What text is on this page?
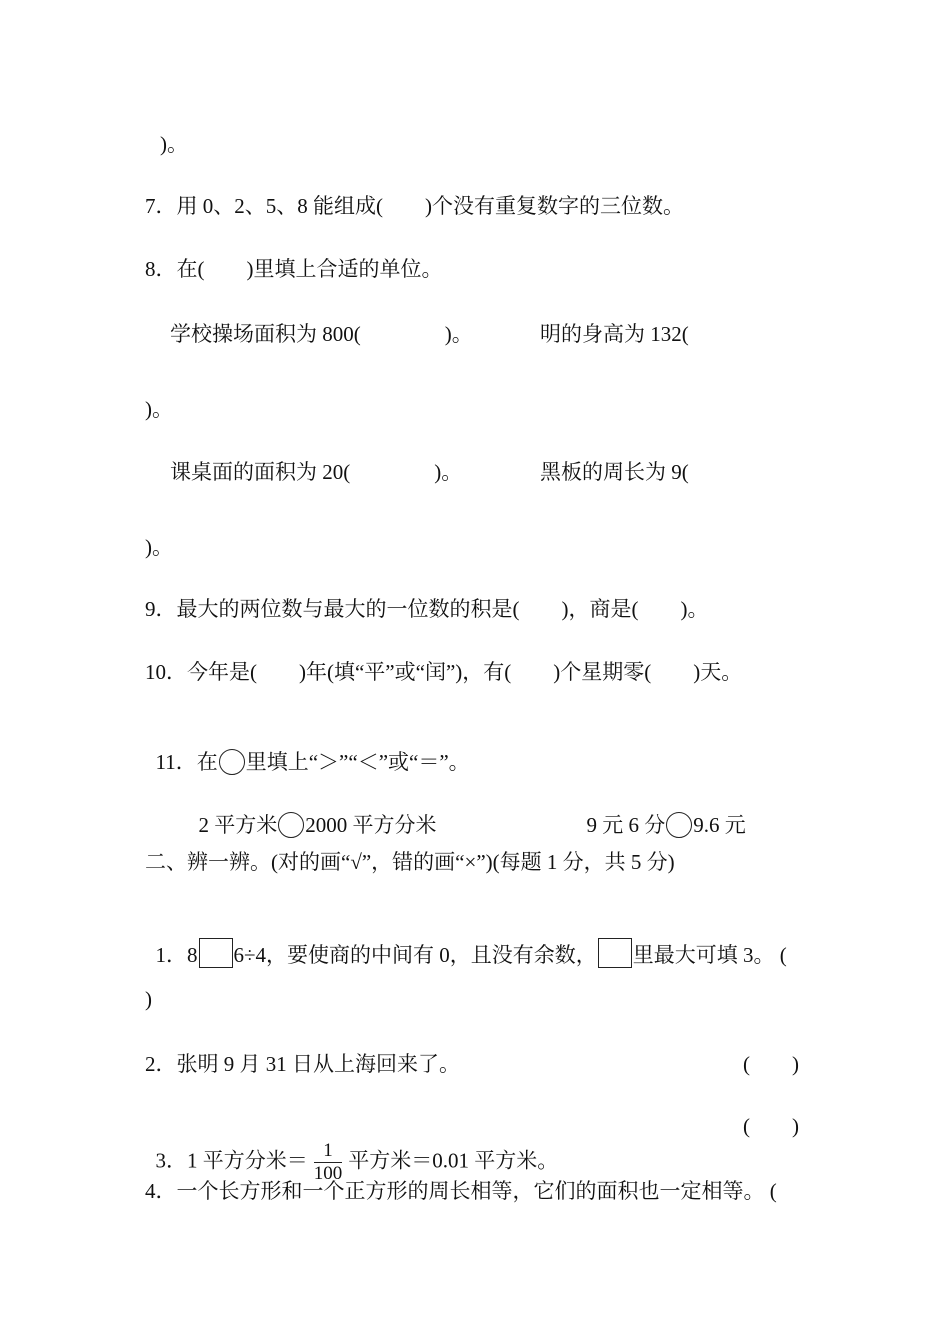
)。
7．用 0、2、5、8 能组成(　　)个没有重复数字的三位数。
8．在(　　)里填上合适的单位。
学校操场面积为 800(　　　　)。	明的身高为 132(
)。
课桌面的面积为 20(　　　　)。	黑板的周长为 9(
)。
9．最大的两位数与最大的一位数的积是(　　)，商是(　　)。
10．今年是(　　)年(填“平”或“闰”)，有(　　)个星期零(　　)天。

11．在 里填上“＞”“＜”或“＝”。

2 平方米 2000 平方分米	9 元 6 分 9.6 元

二、辨一辨。(对的画“√”，错的画“×”)(每题 1 分，共 5 分)

1．8 6÷4，要使商的中间有 0，且没有余数， 里最大可填 3。 (

)
2．张明 9 月 31 日从上海回来了。	(　　)

3．1 平方分米＝ $\frac{1}{100}$ 平方米＝0.01 平方米。

(　　)
4．一个长方形和一个正方形的周长相等，它们的面积也一定相等。 (
